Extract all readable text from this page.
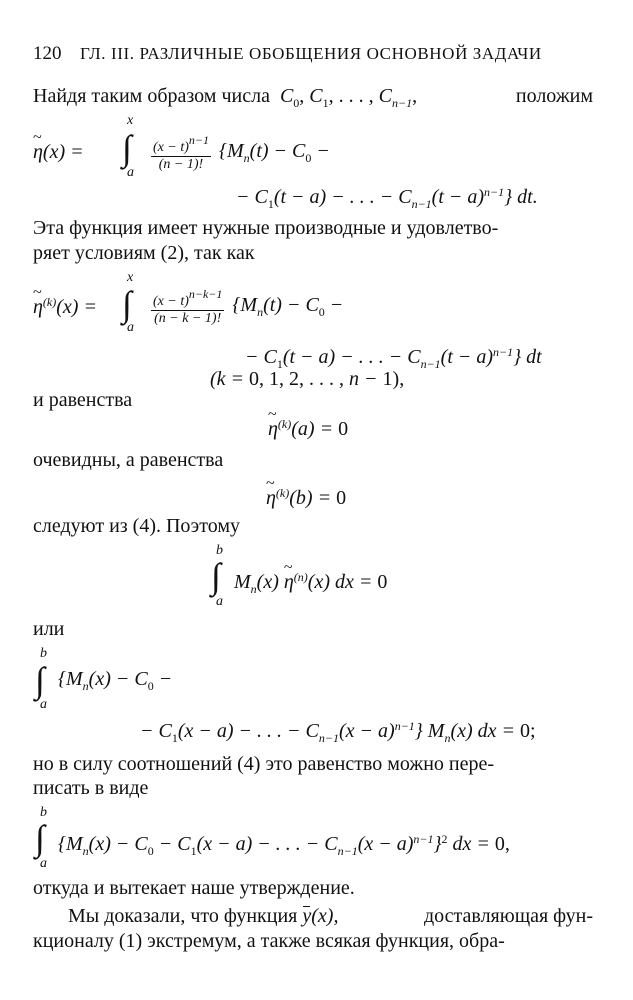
120 ГЛ. III. РАЗЛИЧНЫЕ ОБОБЩЕНИЯ ОСНОВНОЙ ЗАДАЧИ
Найдя таким образом числа $C_0$, $C_1$, . . . , $C_{n-1}$,	положим
~ η(x) =
x
∫
a $\frac{(x - t)^{n-1}}{(n - 1)!} \{M_n(t) - C_0$ −
− $C_1(t - a)$ − . . . − $C_{n-1}(t - a)^{n-1}$} dt.
Эта функция имеет нужные производные и удовлетво-
ряет условиям (2), так как
~ $\eta^{(k)}(x)$ =
x
∫
a
$\frac{(x - t)^{n-k-1}}{(n - k - 1)!} \{M_n(t) - C_0$ −
− $C_1(t - a)$ − . . . − $C_{n-1}(t - a)^{n-1}$} dt
(k = 0, 1, 2, . . . , n − 1),
и равенства
~ $\eta^{(k)}(a) = 0$
очевидны, а равенства
~ $\eta^{(k)}(b) = 0$
следуют из (4). Поэтому
b
∫
a
$M_n(x)$ ~ $\eta^{(n)}(x)$ dx = 0
или
b
∫
a
{$M_n(x) - C_0$ −
− $C_1(x - a)$ − . . . − $C_{n-1}(x - a)^{n-1}$} $M_n(x)$ dx = 0;
но в силу соотношений (4) это равенство можно пере-
писать в виде
b
∫
a
{$M_n(x) - C_0 - C_1(x - a)$ − . . . − $C_{n-1}(x - a)^{n-1}\}^2$ dx = 0,
откуда и вытекает наше утверждение.
Мы доказали, что функция y(x),	доставляющая фун-
кционалу (1) экстремум, а также всякая функция, обра-
